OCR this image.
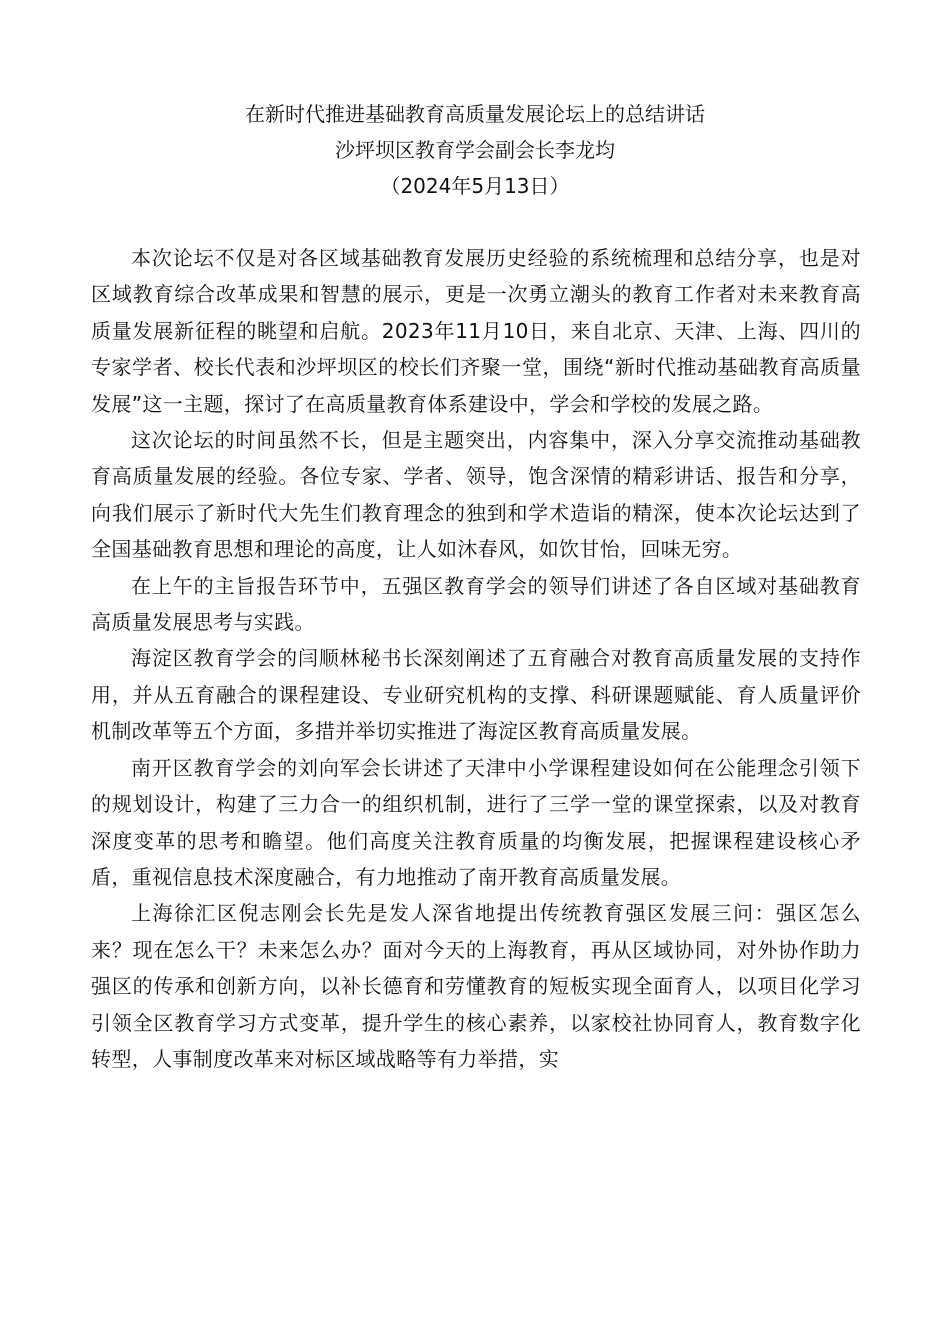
在新时代推进基础教育高质量发展论坛上的总结讲话
沙坪坝区教育学会副会长李龙均
（2024年5月13日）

本次论坛不仅是对各区域基础教育发展历史经验的系统梳理和总结分享，也是对区域教育综合改革成果和智慧的展示，更是一次勇立潮头的教育工作者对未来教育高质量发展新征程的眺望和启航。2023年11月10日，来自北京、天津、上海、四川的专家学者、校长代表和沙坪坝区的校长们齐聚一堂，围绕“新时代推动基础教育高质量发展”这一主题，探讨了在高质量教育体系建设中，学会和学校的发展之路。

这次论坛的时间虽然不长，但是主题突出，内容集中，深入分享交流推动基础教育高质量发展的经验。各位专家、学者、领导，饱含深情的精彩讲话、报告和分享，向我们展示了新时代大先生们教育理念的独到和学术造诣的精深，使本次论坛达到了全国基础教育思想和理论的高度，让人如沐春风，如饮甘怡，回味无穷。

在上午的主旨报告环节中，五强区教育学会的领导们讲述了各自区域对基础教育高质量发展思考与实践。

海淀区教育学会的闫顺林秘书长深刻阐述了五育融合对教育高质量发展的支持作用，并从五育融合的课程建设、专业研究机构的支撑、科研课题赋能、育人质量评价机制改革等五个方面，多措并举切实推进了海淀区教育高质量发展。

南开区教育学会的刘向军会长讲述了天津中小学课程建设如何在公能理念引领下的规划设计，构建了三力合一的组织机制，进行了三学一堂的课堂探索，以及对教育深度变革的思考和瞻望。他们高度关注教育质量的均衡发展，把握课程建设核心矛盾，重视信息技术深度融合，有力地推动了南开教育高质量发展。

上海徐汇区倪志刚会长先是发人深省地提出传统教育强区发展三问：强区怎么来？现在怎么干？未来怎么办？面对今天的上海教育，再从区域协同，对外协作助力强区的传承和创新方向，以补长德育和劳懂教育的短板实现全面育人，以项目化学习引领全区教育学习方式变革，提升学生的核心素养，以家校社协同育人，教育数字化转型，人事制度改革来对标区域战略等有力举措，实
